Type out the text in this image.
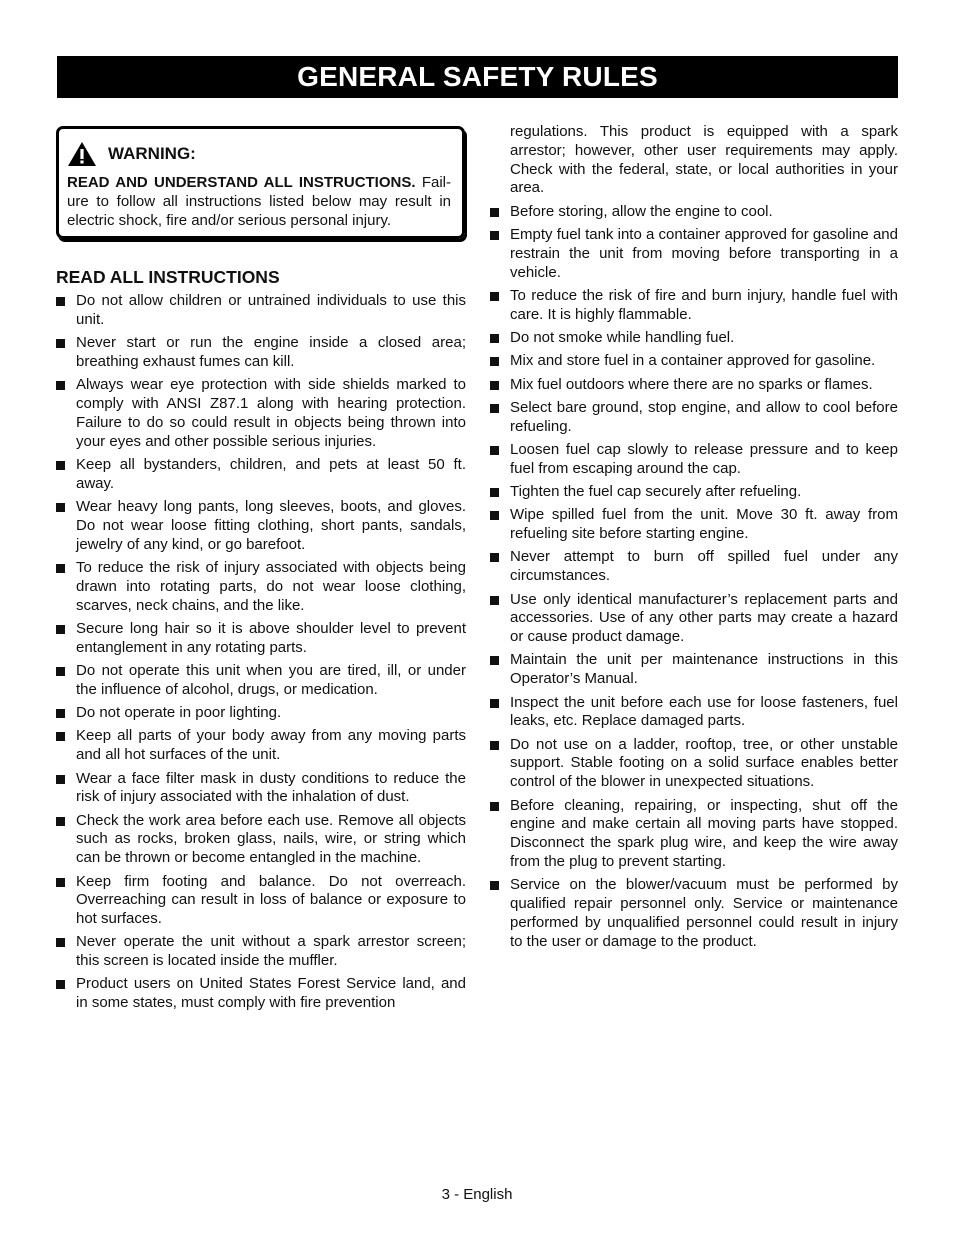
GENERAL SAFETY RULES
WARNING:
READ AND UNDERSTAND ALL INSTRUCTIONS. Fail-ure to follow all instructions listed below may result in electric shock, fire and/or serious personal injury.
READ ALL INSTRUCTIONS
Do not allow children or untrained individuals to use this unit.
Never start or run the engine inside a closed area; breathing exhaust fumes can kill.
Always wear eye protection with side shields marked to comply with ANSI Z87.1 along with hearing protection. Failure to do so could result in objects being thrown into your eyes and other possible serious injuries.
Keep all bystanders, children, and pets at least 50 ft. away.
Wear heavy long pants, long sleeves, boots, and gloves. Do not wear loose fitting clothing, short pants, sandals, jewelry of any kind, or go barefoot.
To reduce the risk of injury associated with objects being drawn into rotating parts, do not wear loose clothing, scarves, neck chains, and the like.
Secure long hair so it is above shoulder level to prevent entanglement in any rotating parts.
Do not operate this unit when you are tired, ill, or under the influence of alcohol, drugs, or medication.
Do not operate in poor lighting.
Keep all parts of your body away from any moving parts and all hot surfaces of the unit.
Wear a face filter mask in dusty conditions to reduce the risk of injury associated with the inhalation of dust.
Check the work area before each use. Remove all objects such as rocks, broken glass, nails, wire, or string which can be thrown or become entangled in the machine.
Keep firm footing and balance. Do not overreach. Overreaching can result in loss of balance or exposure to hot surfaces.
Never operate the unit without a spark arrestor screen; this screen is located inside the muffler.
Product users on United States Forest Service land, and in some states, must comply with fire prevention
regulations. This product is equipped with a spark arrestor; however, other user requirements may apply. Check with the federal, state, or local authorities in your area.
Before storing, allow the engine to cool.
Empty fuel tank into a container approved for gasoline and restrain the unit from moving before transporting in a vehicle.
To reduce the risk of fire and burn injury, handle fuel with care. It is highly flammable.
Do not smoke while handling fuel.
Mix and store fuel in a container approved for gasoline.
Mix fuel outdoors where there are no sparks or flames.
Select bare ground, stop engine, and allow to cool before refueling.
Loosen fuel cap slowly to release pressure and to keep fuel from escaping around the cap.
Tighten the fuel cap securely after refueling.
Wipe spilled fuel from the unit. Move 30 ft. away from refueling site before starting engine.
Never attempt to burn off spilled fuel under any circumstances.
Use only identical manufacturer’s replacement parts and accessories. Use of any other parts may create a hazard or cause product damage.
Maintain the unit per maintenance instructions in this Operator’s Manual.
Inspect the unit before each use for loose fasteners, fuel leaks, etc. Replace damaged parts.
Do not use on a ladder, rooftop, tree, or other unstable support. Stable footing on a solid surface enables better control of the blower in unexpected situations.
Before cleaning, repairing, or inspecting, shut off the engine and make certain all moving parts have stopped. Disconnect the spark plug wire, and keep the wire away from the plug to prevent starting.
Service on the blower/vacuum must be performed by qualified repair personnel only. Service or maintenance performed by unqualified personnel could result in injury to the user or damage to the product.
3 - English
